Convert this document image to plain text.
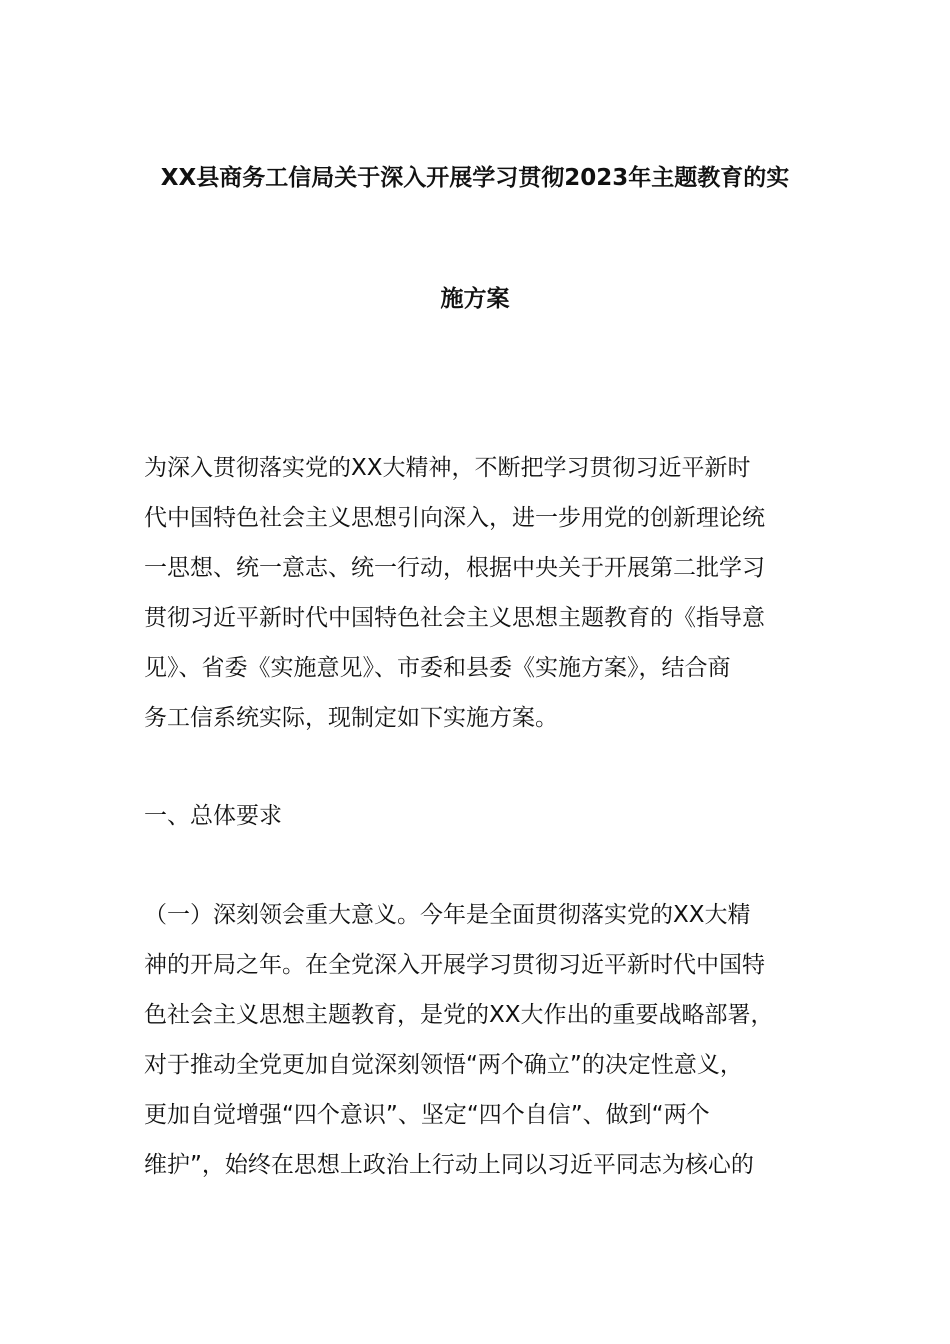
XX县商务工信局关于深入开展学习贯彻2023年主题教育的实
施方案
为深入贯彻落实党的XX大精神，不断把学习贯彻习近平新时
代中国特色社会主义思想引向深入，进一步用党的创新理论统
一思想、统一意志、统一行动，根据中央关于开展第二批学习
贯彻习近平新时代中国特色社会主义思想主题教育的《指导意
见》、省委《实施意见》、市委和县委《实施方案》，结合商
务工信系统实际，现制定如下实施方案。
一、总体要求
（一）深刻领会重大意义。今年是全面贯彻落实党的XX大精
神的开局之年。在全党深入开展学习贯彻习近平新时代中国特
色社会主义思想主题教育，是党的XX大作出的重要战略部署，
对于推动全党更加自觉深刻领悟“两个确立”的决定性意义，
更加自觉增强“四个意识”、坚定“四个自信”、做到“两个
维护”，始终在思想上政治上行动上同以习近平同志为核心的
